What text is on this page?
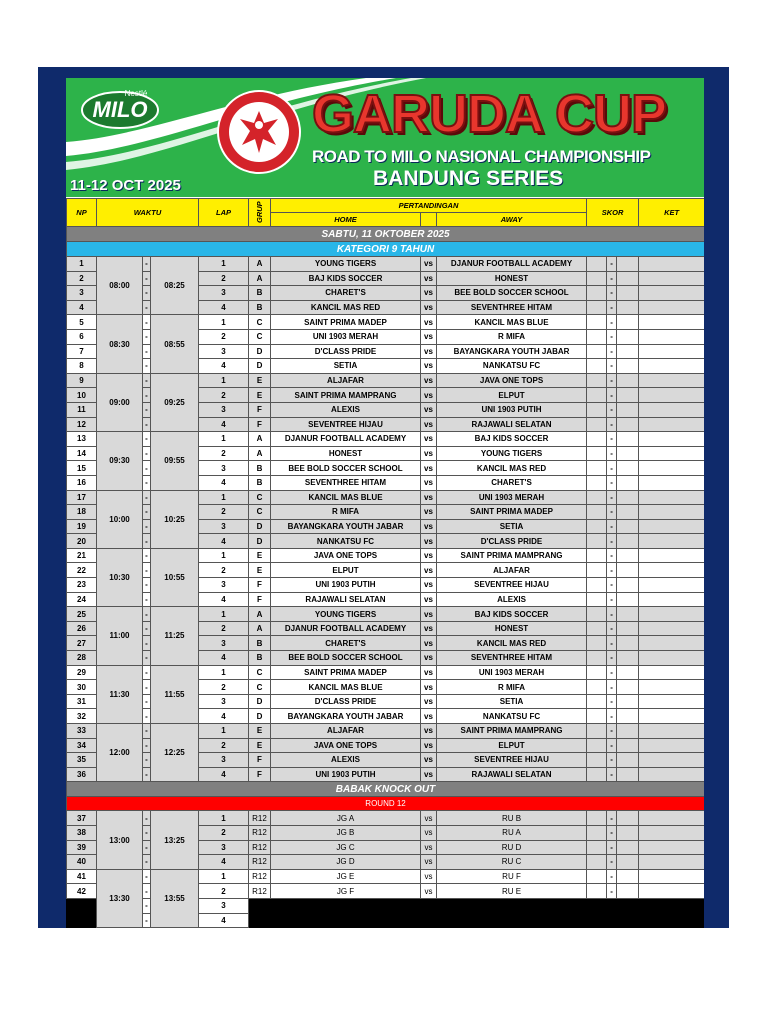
MILO
Nestlé	GARUDA CUP
ROAD TO MILO NASIONAL CHAMPIONSHIP
BANDUNG SERIES
11-12 OCT 2025
NP	WAKTU			LAP	GRUP	PERTANDINGAN			SKOR			KET
						HOME		AWAY				
SABTU, 11 OKTOBER 2025												
KATEGORI 9 TAHUN												
1	08:00	-	08:25	1	A	YOUNG TIGERS	vs	DJANUR FOOTBALL ACADEMY		-		
2		-		2	A	BAJ KIDS SOCCER	vs	HONEST		-		
3		-		3	B	CHARET'S	vs	BEE BOLD SOCCER SCHOOL		-		
4		-		4	B	KANCIL MAS RED	vs	SEVENTHREE HITAM		-		
5	08:30	-	08:55	1	C	SAINT PRIMA MADEP	vs	KANCIL MAS BLUE		-		
6		-		2	C	UNI 1903 MERAH	vs	R MIFA		-		
7		-		3	D	D'CLASS PRIDE	vs	BAYANGKARA YOUTH JABAR		-		
8		-		4	D	SETIA	vs	NANKATSU FC		-		
9	09:00	-	09:25	1	E	ALJAFAR	vs	JAVA ONE TOPS		-		
10		-		2	E	SAINT PRIMA MAMPRANG	vs	ELPUT		-		
11		-		3	F	ALEXIS	vs	UNI 1903 PUTIH		-		
12		-		4	F	SEVENTREE HIJAU	vs	RAJAWALI SELATAN		-		
13	09:30	-	09:55	1	A	DJANUR FOOTBALL ACADEMY	vs	BAJ KIDS SOCCER		-		
14		-		2	A	HONEST	vs	YOUNG TIGERS		-		
15		-		3	B	BEE BOLD SOCCER SCHOOL	vs	KANCIL MAS RED		-		
16		-		4	B	SEVENTHREE HITAM	vs	CHARET'S		-		
17	10:00	-	10:25	1	C	KANCIL MAS BLUE	vs	UNI 1903 MERAH		-		
18		-		2	C	R MIFA	vs	SAINT PRIMA MADEP		-		
19		-		3	D	BAYANGKARA YOUTH JABAR	vs	SETIA		-		
20		-		4	D	NANKATSU FC	vs	D'CLASS PRIDE		-		
21	10:30	-	10:55	1	E	JAVA ONE TOPS	vs	SAINT PRIMA MAMPRANG		-		
22		-		2	E	ELPUT	vs	ALJAFAR		-		
23		-		3	F	UNI 1903 PUTIH	vs	SEVENTREE HIJAU		-		
24		-		4	F	RAJAWALI SELATAN	vs	ALEXIS		-		
25	11:00	-	11:25	1	A	YOUNG TIGERS	vs	BAJ KIDS SOCCER		-		
26		-		2	A	DJANUR FOOTBALL ACADEMY	vs	HONEST		-		
27		-		3	B	CHARET'S	vs	KANCIL MAS RED		-		
28		-		4	B	BEE BOLD SOCCER SCHOOL	vs	SEVENTHREE HITAM		-		
29	11:30	-	11:55	1	C	SAINT PRIMA MADEP	vs	UNI 1903 MERAH		-		
30		-		2	C	KANCIL MAS BLUE	vs	R MIFA		-		
31		-		3	D	D'CLASS PRIDE	vs	SETIA		-		
32		-		4	D	BAYANGKARA YOUTH JABAR	vs	NANKATSU FC		-		
33	12:00	-	12:25	1	E	ALJAFAR	vs	SAINT PRIMA MAMPRANG		-		
34		-		2	E	JAVA ONE TOPS	vs	ELPUT		-		
35		-		3	F	ALEXIS	vs	SEVENTREE HIJAU		-		
36		-		4	F	UNI 1903 PUTIH	vs	RAJAWALI SELATAN		-		
BABAK KNOCK OUT												
ROUND 12												
37	13:00	-	13:25	1	R12	JG A	vs	RU B		-		
38		-		2	R12	JG B	vs	RU A		-		
39		-		3	R12	JG C	vs	RU D		-		
40		-		4	R12	JG D	vs	RU C		-		
41	13:30	-	13:55	1	R12	JG E	vs	RU F		-		
42		-		2	R12	JG F	vs	RU E		-		
		-		3								
		-		4								
